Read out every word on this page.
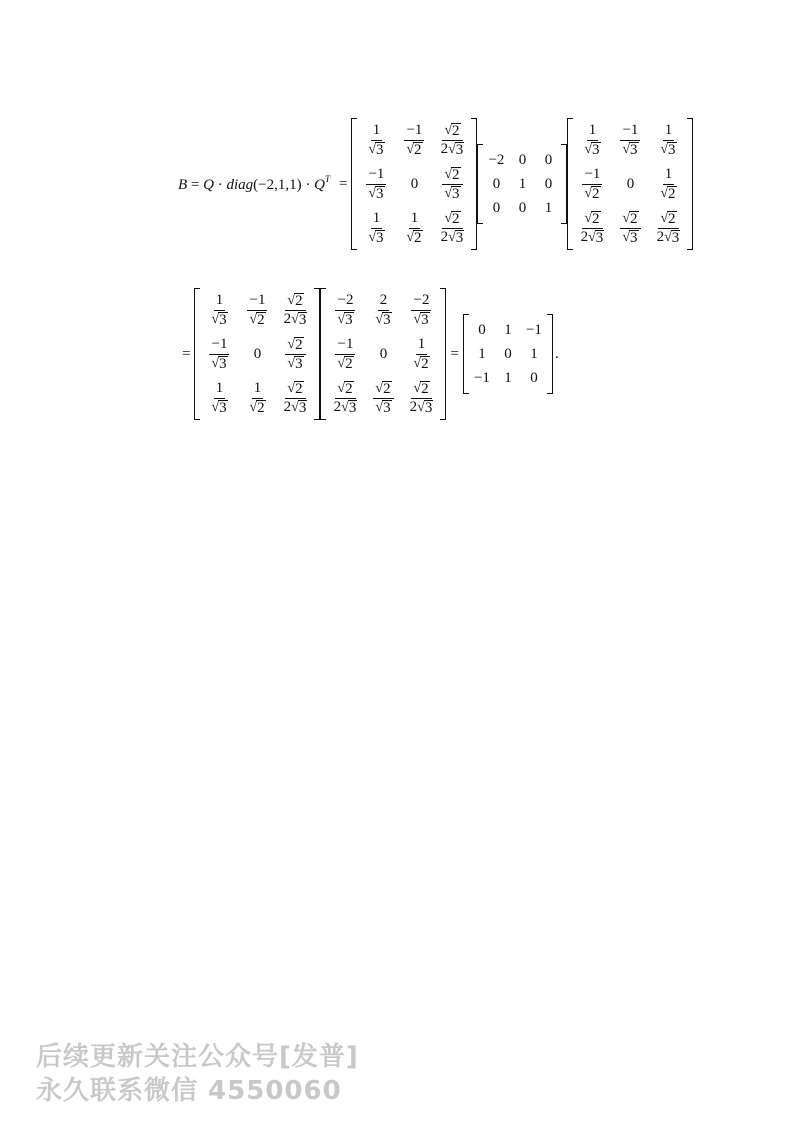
B = Q · diag(−2,1,1) · $Q^T$ =
$\frac{1}{√ 3}$	$\frac{-1}{√ 2}$	$\frac{√ 2}{2 √ 3}$

$\frac{-1}{√ 3}$	0	$\frac{√ 2}{√ 3}$

$\frac{1}{√ 3}$	$\frac{1}{√ 2}$	$\frac{√ 2}{2 √ 3}$
−2	0	0
0	1	0
0	0	1
$\frac{1}{√ 3}$	$\frac{-1}{√ 3}$	$\frac{1}{√ 3}$

$\frac{-1}{√ 2}$	0	$\frac{1}{√ 2}$

$\frac{√ 2}{2 √ 3}$	$\frac{√ 2}{√ 3}$	$\frac{√ 2}{2 √ 3}$
=
$\frac{1}{√ 3}$	$\frac{-1}{√ 2}$	$\frac{√ 2}{2 √ 3}$

$\frac{-1}{√ 3}$	0	$\frac{√ 2}{√ 3}$

$\frac{1}{√ 3}$	$\frac{1}{√ 2}$	$\frac{√ 2}{2 √ 3}$
$\frac{-2}{√ 3}$	$\frac{2}{√ 3}$	$\frac{-2}{√ 3}$

$\frac{-1}{√ 2}$	0	$\frac{1}{√ 2}$

$\frac{√ 2}{2 √ 3}$	$\frac{√ 2}{√ 3}$	$\frac{√ 2}{2 √ 3}$
=
0	1	−1
1	0	1
−1	1	0
.
后续更新关注公众号[发普]
永久联系微信 4550060
